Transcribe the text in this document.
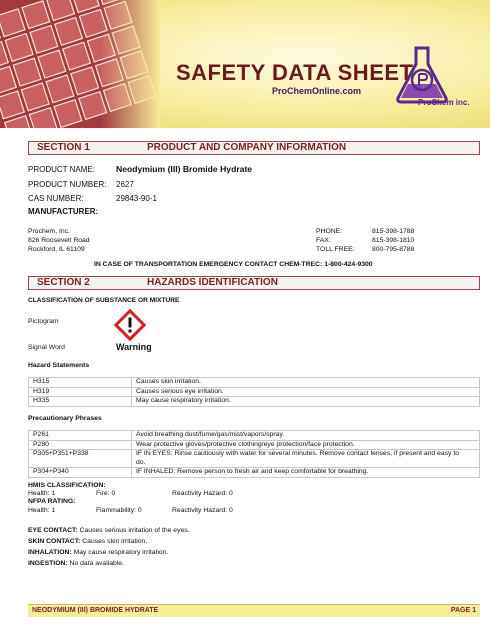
SAFETY DATA SHEET
ProChemOnline.com
ProChem inc.
SECTION 1	PRODUCT AND COMPANY INFORMATION
PRODUCT NAME: Neodymium (III) Bromide Hydrate
PRODUCT NUMBER: 2627
CAS NUMBER:	29843-90-1
MANUFACTURER:
Prochem, Inc.
826 Roosevelt Road
Rockford, IL 61109
PHONE:	815-398-1788
FAX:	815-398-1810
TOLL FREE:	800-795-8788
IN CASE OF TRANSPORTATION EMERGENCY CONTACT CHEM-TREC: 1-800-424-9300
SECTION 2	HAZARDS IDENTIFICATION
CLASSIFICATION OF SUBSTANCE OR MIXTURE
Pictogram
Signal Word	Warning
Hazard Statements
H315	Causes skin irritation.
H319	Causes serious eye irritation.
H335	May cause respiratory irritation.
Precautionary Phrases
P261	Avoid breathing dust/fume/gas/mist/vapors/spray.
P280	Wear protective gloves/protective clothing/eye protection/face protection.
P305+P351+P338	IF IN EYES: Rinse cautiously with water for several minutes. Remove contact lenses, if present and easy to
do.

P304+P340	IF INHALED: Remove person to fresh air and keep comfortable for breathing.
HMIS CLASSIFICATION:
Health: 1	Fire: 0	Reactivity Hazard: 0
NFPA RATING:
Health: 1	Flammability: 0	Reactivity Hazard: 0
EYE CONTACT: Causes serious irritation of the eyes.
SKIN CONTACT: Causes skin irritation.
INHALATION: May cause respiratory irritation.
INGESTION: No data available.
NEODYMIUM (III) BROMIDE HYDRATE	PAGE 1
